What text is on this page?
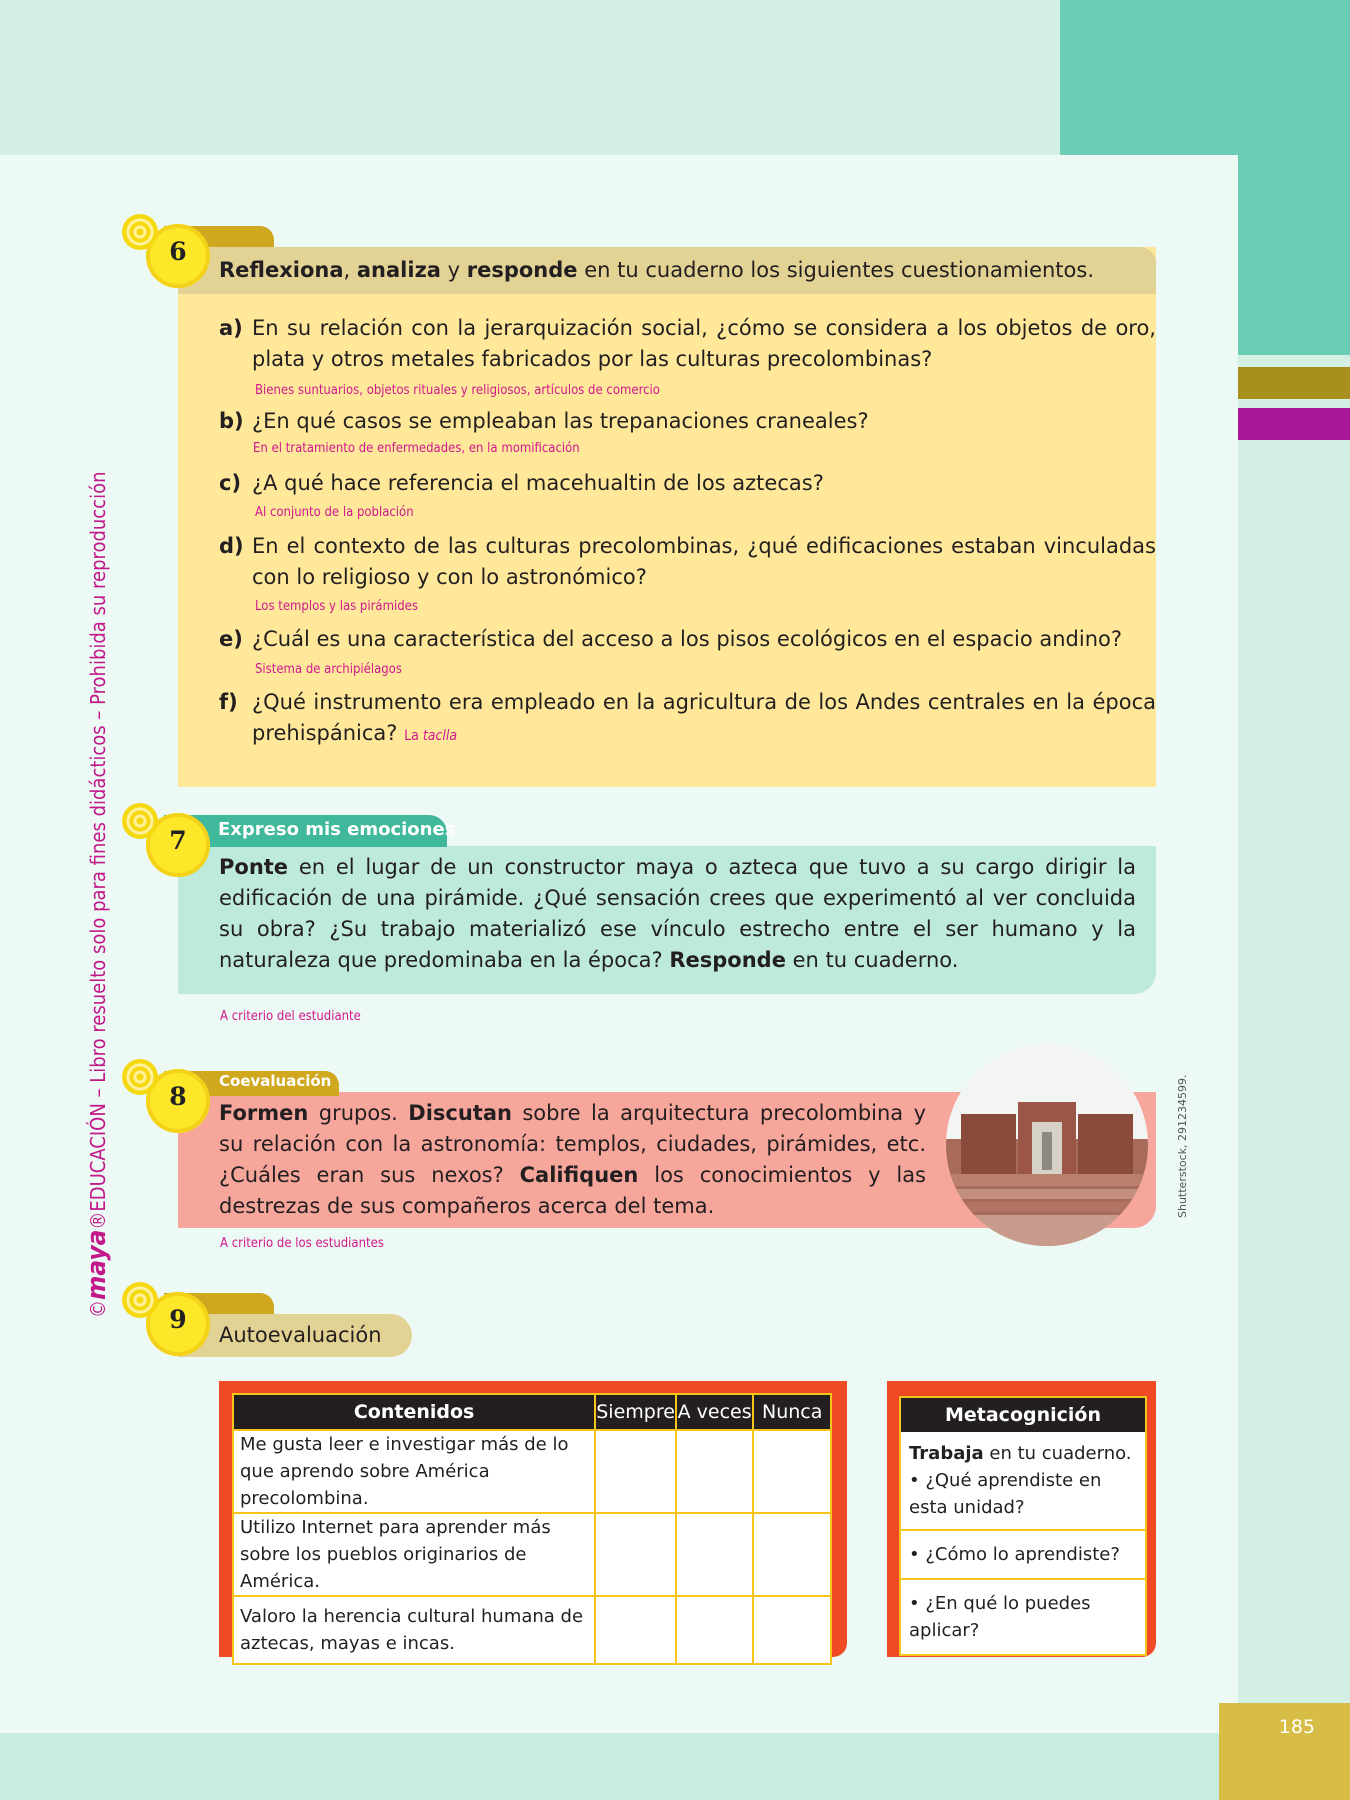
185
©maya®EDUCACIÓN – Libro resuelto solo para fines didácticos – Prohibida su reproducción	Shutterstock, 291234599.
6
Reflexiona, analiza y responde en tu cuaderno los siguientes cuestionamientos.
a) En su relación con la jerarquización social, ¿cómo se considera a los objetos de oro, plata y otros metales fabricados por las culturas precolombinas?
Bienes suntuarios, objetos rituales y religiosos, artículos de comercio
b) ¿En qué casos se empleaban las trepanaciones craneales?
En el tratamiento de enfermedades, en la momificación
c) ¿A qué hace referencia el macehualtin de los aztecas?
Al conjunto de la población
d) En el contexto de las culturas precolombinas, ¿qué edificaciones estaban vinculadas con lo religioso y con lo astronómico?
Los templos y las pirámides
e) ¿Cuál es una característica del acceso a los pisos ecológicos en el espacio andino?
Sistema de archipiélagos
f) ¿Qué instrumento era empleado en la agricultura de los Andes centrales en la época prehispánica? La taclla
Expreso mis emociones
7
Ponte en el lugar de un constructor maya o azteca que tuvo a su cargo dirigir la edificación de una pirámide. ¿Qué sensación crees que experimentó al ver concluida su obra? ¿Su trabajo materializó ese vínculo estrecho entre el ser humano y la naturaleza que predominaba en la época? Responde en tu cuaderno.
A criterio del estudiante
Coevaluación
8
Formen grupos. Discutan sobre la arquitectura precolombina y su relación con la astronomía: templos, ciudades, pirámides, etc. ¿Cuáles eran sus nexos? Califiquen los conocimientos y las destrezas de sus compañeros acerca del tema.
A criterio de los estudiantes
9
Autoevaluación
Contenidos	Siempre	A veces	Nunca
Me gusta leer e investigar más de lo que aprendo sobre América precolombina.			
Utilizo Internet para aprender más sobre los pueblos originarios de América.			
Valoro la herencia cultural humana de aztecas, mayas e incas.			
Metacognición
Trabaja en tu cuaderno.
• ¿Qué aprendiste en esta unidad?
• ¿Cómo lo aprendiste?
• ¿En qué lo puedes aplicar?
